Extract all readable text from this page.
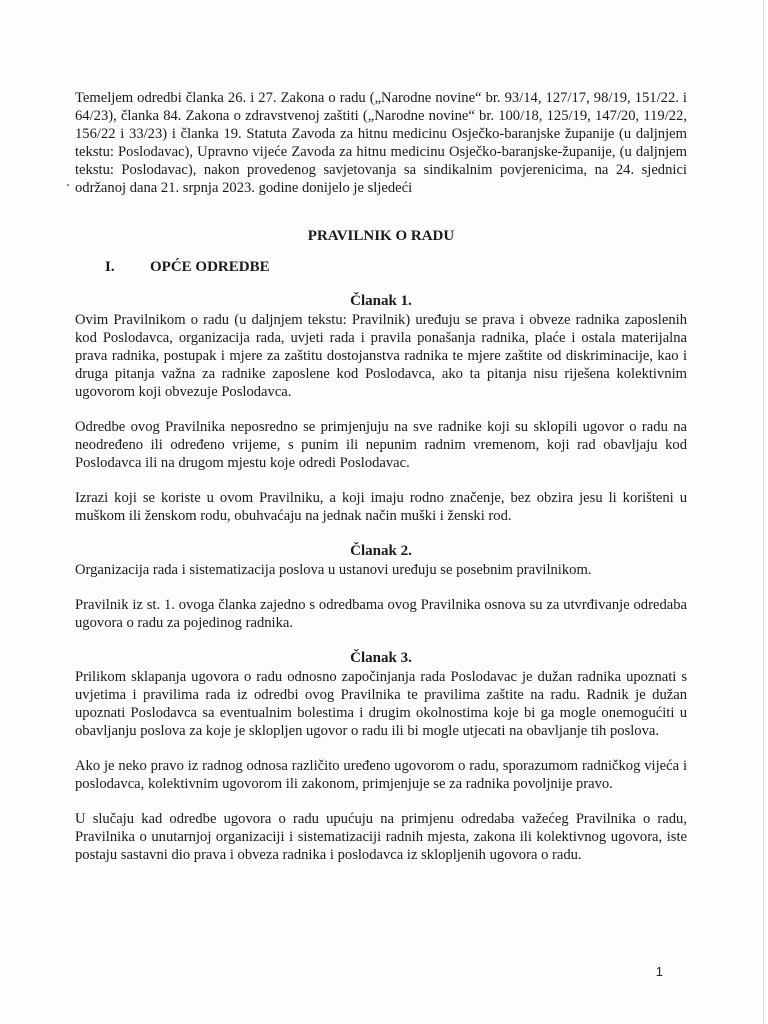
Temeljem odredbi članka 26. i 27. Zakona o radu („Narodne novine“ br. 93/14, 127/17, 98/19, 151/22. i 64/23), članka 84. Zakona o zdravstvenoj zaštiti („Narodne novine“ br. 100/18, 125/19, 147/20, 119/22, 156/22 i 33/23) i članka 19. Statuta Zavoda za hitnu medicinu Osječko-baranjske županije (u daljnjem tekstu: Poslodavac), Upravno vijeće Zavoda za hitnu medicinu Osječko-baranjske-županije, (u daljnjem tekstu: Poslodavac), nakon provedenog savjetovanja sa sindikalnim povjerenicima, na 24. sjednici održanoj dana 21. srpnja 2023. godine donijelo je sljedeći

PRAVILNIK O RADU
I.	OPĆE ODREDBE
Članak 1.

Ovim Pravilnikom o radu (u daljnjem tekstu: Pravilnik) uređuju se prava i obveze radnika zaposlenih kod Poslodavca, organizacija rada, uvjeti rada i pravila ponašanja radnika, plaće i ostala materijalna prava radnika, postupak i mjere za zaštitu dostojanstva radnika te mjere zaštite od diskriminacije, kao i druga pitanja važna za radnike zaposlene kod Poslodavca, ako ta pitanja nisu riješena kolektivnim ugovorom koji obvezuje Poslodavca.

Odredbe ovog Pravilnika neposredno se primjenjuju na sve radnike koji su sklopili ugovor o radu na neodređeno ili određeno vrijeme, s punim ili nepunim radnim vremenom, koji rad obavljaju kod Poslodavca ili na drugom mjestu koje odredi Poslodavac.

Izrazi koji se koriste u ovom Pravilniku, a koji imaju rodno značenje, bez obzira jesu li korišteni u muškom ili ženskom rodu, obuhvaćaju na jednak način muški i ženski rod.

Članak 2.

Organizacija rada i sistematizacija poslova u ustanovi uređuju se posebnim pravilnikom.

Pravilnik iz st. 1. ovoga članka zajedno s odredbama ovog Pravilnika osnova su za utvrđivanje odredaba ugovora o radu za pojedinog radnika.

Članak 3.

Prilikom sklapanja ugovora o radu odnosno započinjanja rada Poslodavac je dužan radnika upoznati s uvjetima i pravilima rada iz odredbi ovog Pravilnika te pravilima zaštite na radu. Radnik je dužan upoznati Poslodavca sa eventualnim bolestima i drugim okolnostima koje bi ga mogle onemogućiti u obavljanju poslova za koje je sklopljen ugovor o radu ili bi mogle utjecati na obavljanje tih poslova.

Ako je neko pravo iz radnog odnosa različito uređeno ugovorom o radu, sporazumom radničkog vijeća i poslodavca, kolektivnim ugovorom ili zakonom, primjenjuje se za radnika povoljnije pravo.

U slučaju kad odredbe ugovora o radu upućuju na primjenu odredaba važećeg Pravilnika o radu, Pravilnika o unutarnjoj organizaciji i sistematizaciji radnih mjesta, zakona ili kolektivnog ugovora, iste postaju sastavni dio prava i obveza radnika i poslodavca iz sklopljenih ugovora o radu.

1
